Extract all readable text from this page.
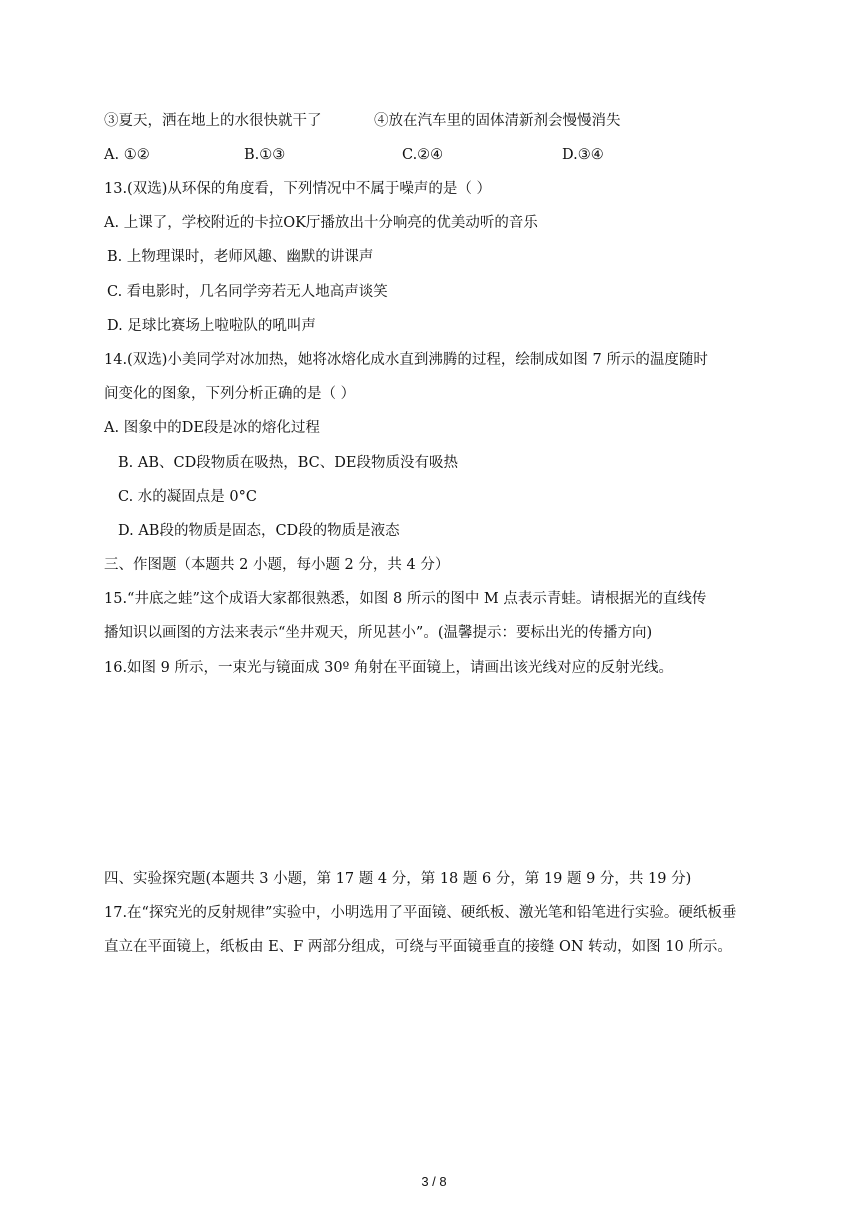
③夏天，洒在地上的水很快就干了	④放在汽车里的固体清新剂会慢慢消失
A. ①②	B.①③	C.②④	D.③④
13.(双选)从环保的角度看，下列情况中不属于噪声的是（ ）
A. 上课了，学校附近的卡拉OK厅播放出十分响亮的优美动听的音乐
B. 上物理课时，老师风趣、幽默的讲课声
C. 看电影时，几名同学旁若无人地高声谈笑
D. 足球比赛场上啦啦队的吼叫声
14.(双选)小美同学对冰加热，她将冰熔化成水直到沸腾的过程，绘制成如图 7 所示的温度随时
间变化的图象，下列分析正确的是（ ）
A. 图象中的DE段是冰的熔化过程
B. AB、CD段物质在吸热，BC、DE段物质没有吸热
C. 水的凝固点是 0°C
D. AB段的物质是固态，CD段的物质是液态
三、作图题（本题共 2 小题，每小题 2 分，共 4 分）
15.“井底之蛙”这个成语大家都很熟悉，如图 8 所示的图中 M 点表示青蛙。请根据光的直线传
播知识以画图的方法来表示“坐井观天，所见甚小”。(温馨提示：要标出光的传播方向)
16.如图 9 所示，一束光与镜面成 30º 角射在平面镜上，请画出该光线对应的反射光线。
四、实验探究题(本题共 3 小题，第 17 题 4 分，第 18 题 6 分，第 19 题 9 分，共 19 分)
17.在“探究光的反射规律”实验中，小明选用了平面镜、硬纸板、激光笔和铅笔进行实验。硬纸板垂
直立在平面镜上，纸板由 E、F 两部分组成，可绕与平面镜垂直的接缝 ON 转动，如图 10 所示。
3 / 8
